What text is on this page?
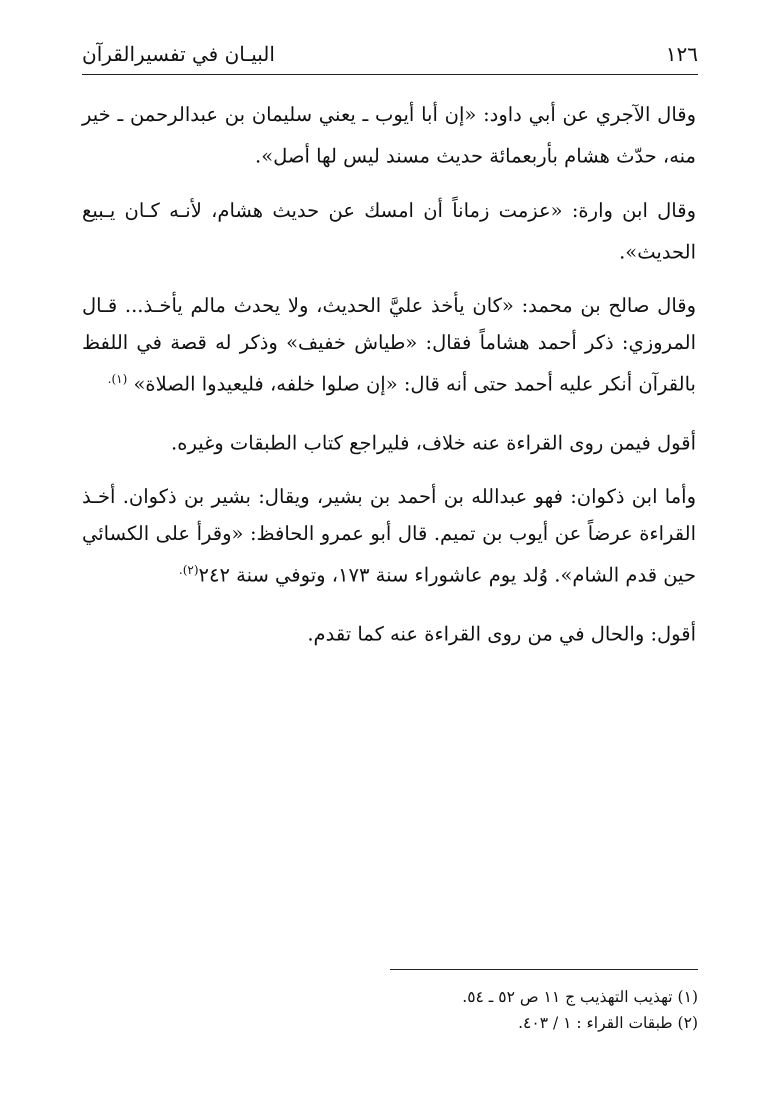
١٢٦
البيـان في تفسيرالقرآن

وقال الآجري عن أبي داود: «إن أبا أيوب ـ يعني سليمان بن عبدالرحمن ـ خير منه، حدّث هشام بأربعمائة حديث مسند ليس لها أصل».

وقال ابن وارة: «عزمت زماناً أن امسك عن حديث هشام، لأنـه كـان يـبيع الحديث».

وقال صالح بن محمد: «كان يأخذ عليَّ الحديث، ولا يحدث مالم يأخـذ... قـال المروزي: ذكر أحمد هشاماً فقال: «طياش خفيف» وذكر له قصة في اللفظ بالقرآن أنكر عليه أحمد حتى أنه قال: «إن صلوا خلفه، فليعيدوا الصلاة» $^{(١).}$

أقول فيمن روى القراءة عنه خلاف، فليراجع كتاب الطبقات وغيره.

وأما ابن ذكوان: فهو عبدالله بن أحمد بن بشير، ويقال: بشير بن ذكوان. أخـذ القراءة عرضاً عن أيوب بن تميم. قال أبو عمرو الحافظ: «وقرأ على الكسائي حين قدم الشام». وُلد يوم عاشوراء سنة ١٧٣، وتوفي سنة $٢٤٢^{(٢).}$

أقول: والحال في من روى القراءة عنه كما تقدم.

(١) تهذيب التهذيب ج ١١ ص ٥٢ ـ ٥٤.

(٢) طبقات القراء : ١ / ٤٠٣.
